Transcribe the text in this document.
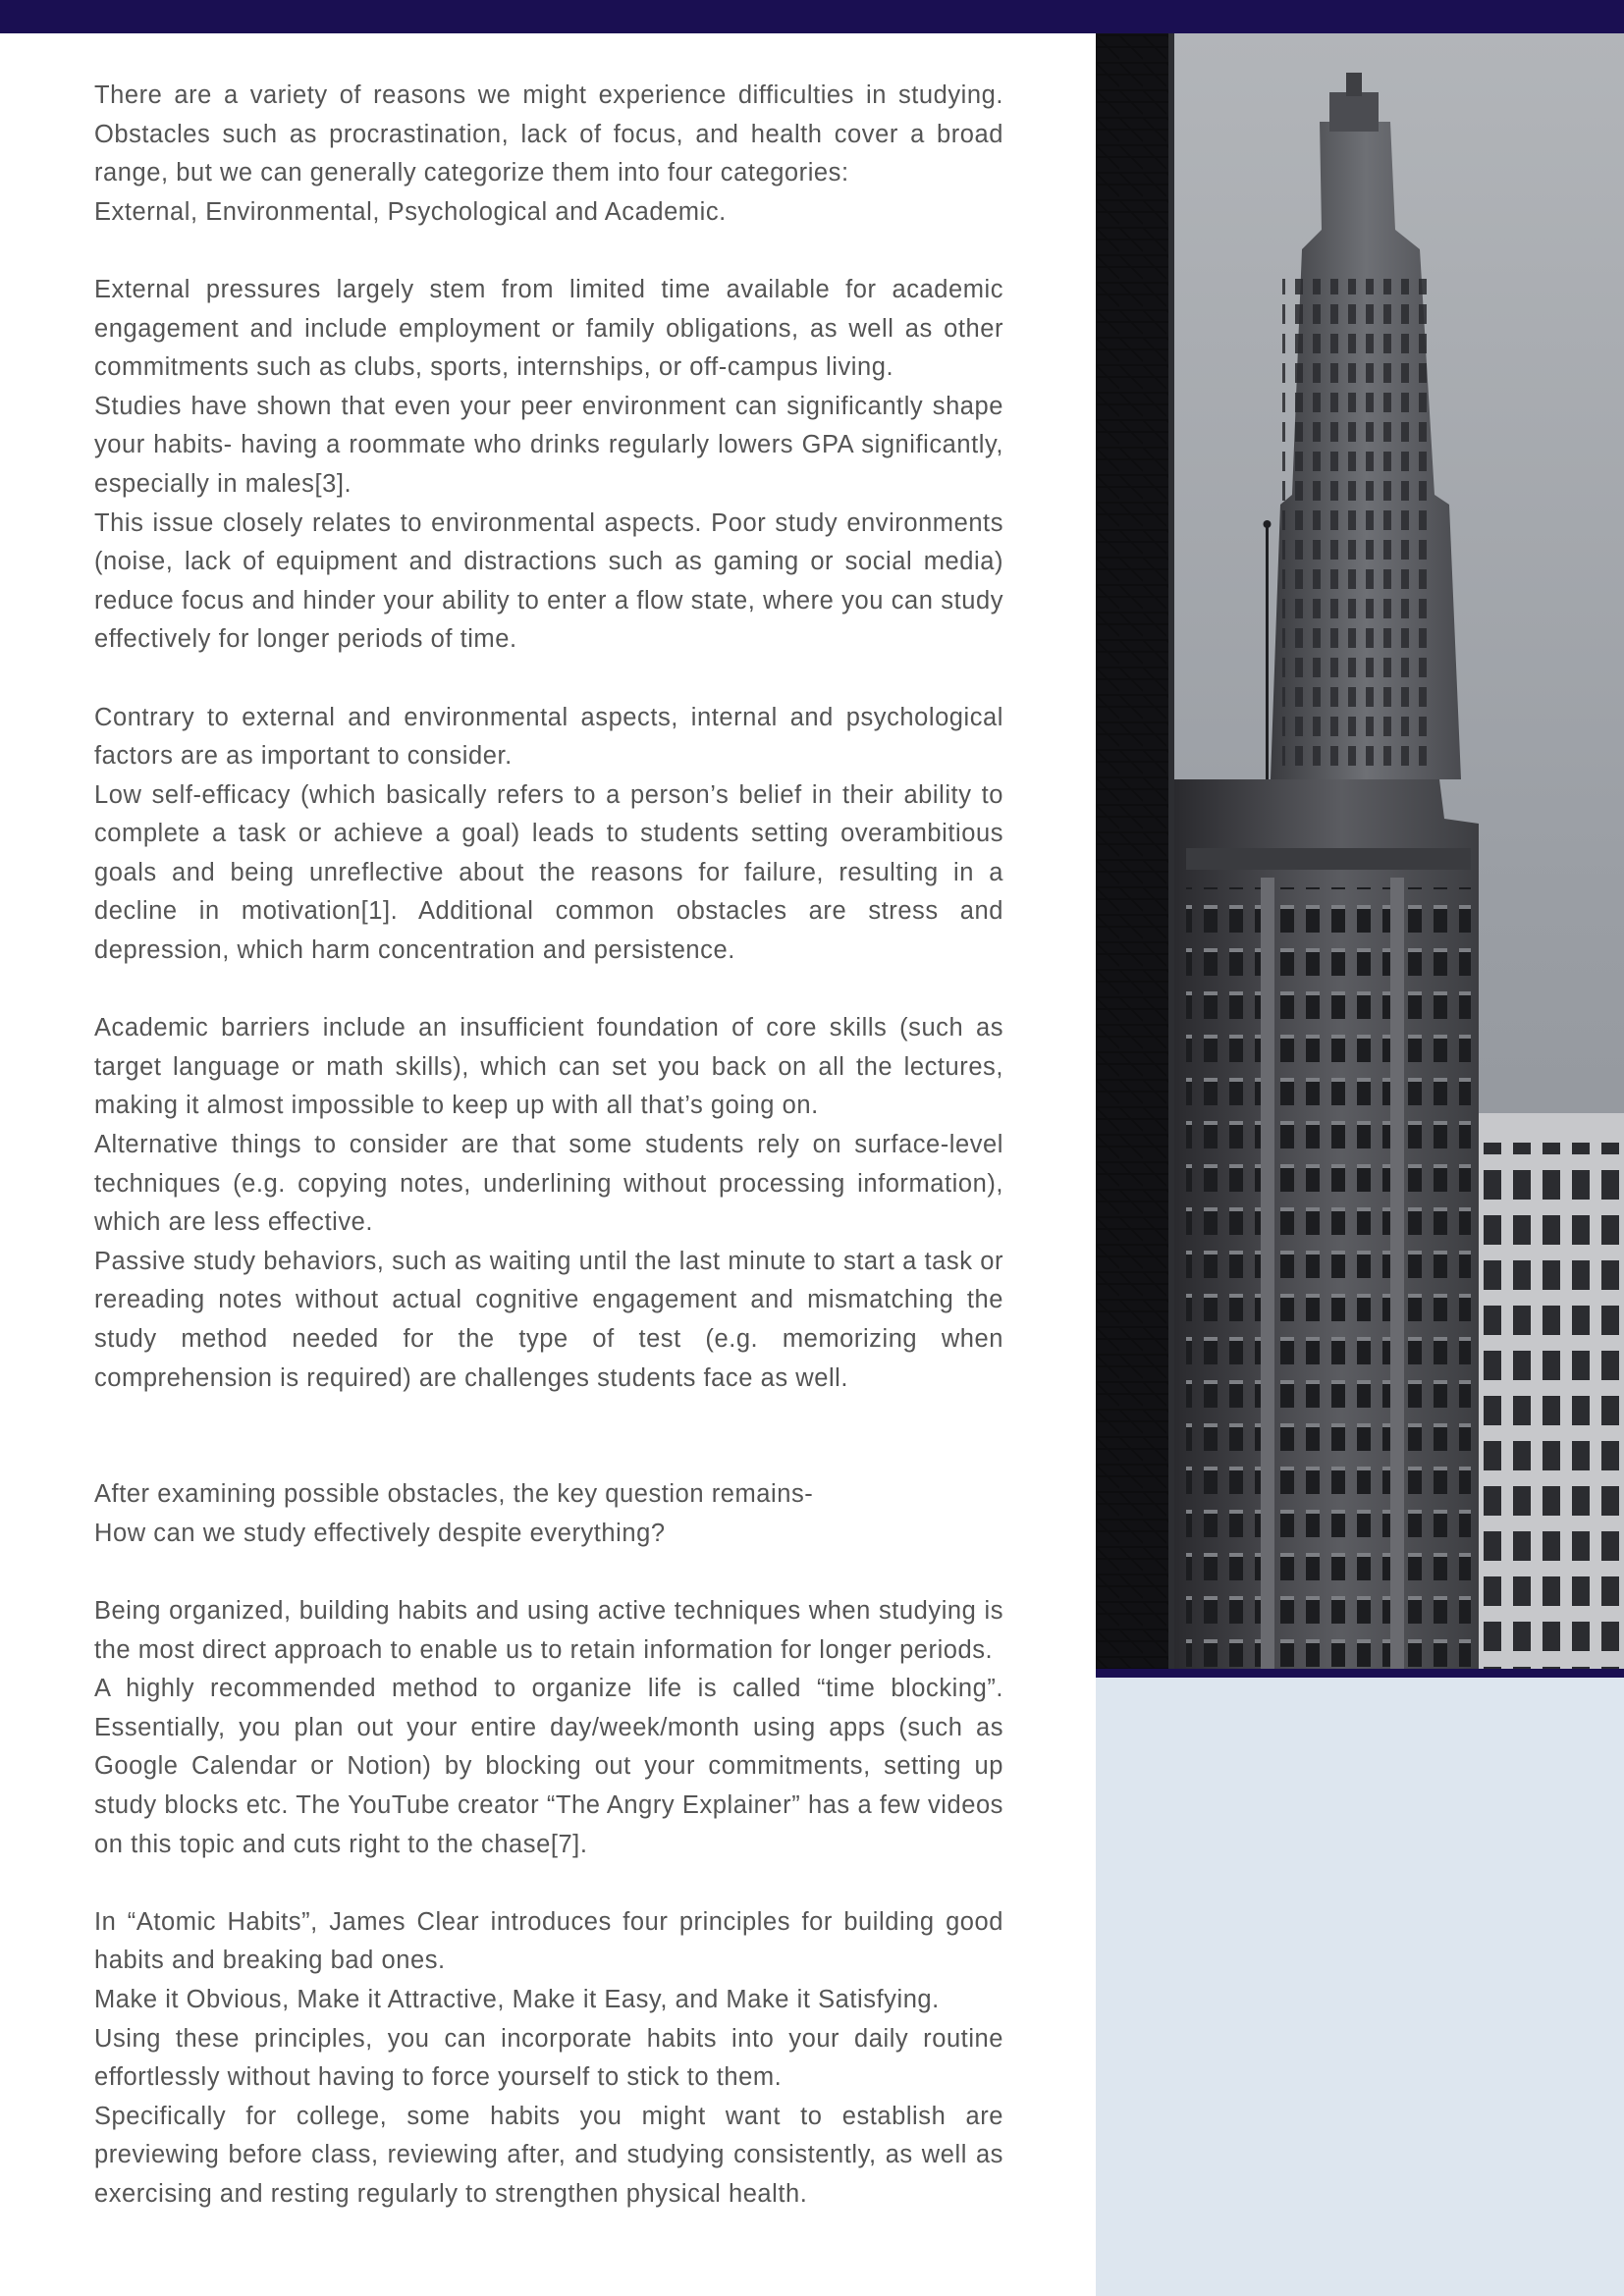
There are a variety of reasons we might experience difficulties in studying. Obstacles such as procrastination, lack of focus, and health cover a broad range, but we can generally categorize them into four categories:

External, Environmental, Psychological and Academic.

External pressures largely stem from limited time available for academic engagement and include employment or family obligations, as well as other commitments such as clubs, sports, internships, or off-campus living.

Studies have shown that even your peer environment can significantly shape your habits- having a roommate who drinks regularly lowers GPA significantly, especially in males[3].

This issue closely relates to environmental aspects. Poor study environments (noise, lack of equipment and distractions such as gaming or social media) reduce focus and hinder your ability to enter a flow state, where you can study effectively for longer periods of time.

Contrary to external and environmental aspects, internal and psychological factors are as important to consider.

Low self-efficacy (which basically refers to a person’s belief in their ability to complete a task or achieve a goal) leads to students setting overambitious goals and being unreflective about the reasons for failure, resulting in a decline in motivation[1]. Additional common obstacles are stress and depression, which harm concentration and persistence.

Academic barriers include an insufficient foundation of core skills (such as target language or math skills), which can set you back on all the lectures, making it almost impossible to keep up with all that’s going on.

Alternative things to consider are that some students rely on surface-level techniques (e.g. copying notes, underlining without processing information), which are less effective.

Passive study behaviors, such as waiting until the last minute to start a task or rereading notes without actual cognitive engagement and mismatching the study method needed for the type of test (e.g. memorizing when comprehension is required) are challenges students face as well.

After examining possible obstacles, the key question remains-

How can we study effectively despite everything?

Being organized, building habits and using active techniques when studying is the most direct approach to enable us to retain information for longer periods.

A highly recommended method to organize life is called “time blocking”. Essentially, you plan out your entire day/week/month using apps (such as Google Calendar or Notion) by blocking out your commitments, setting up study blocks etc. The YouTube creator “The Angry Explainer” has a few videos on this topic and cuts right to the chase[7].

In “Atomic Habits”, James Clear introduces four principles for building good habits and breaking bad ones.

Make it Obvious, Make it Attractive, Make it Easy, and Make it Satisfying.

Using these principles, you can incorporate habits into your daily routine effortlessly without having to force yourself to stick to them.

Specifically for college, some habits you might want to establish are previewing before class, reviewing after, and studying consistently, as well as exercising and resting regularly to strengthen physical health.
